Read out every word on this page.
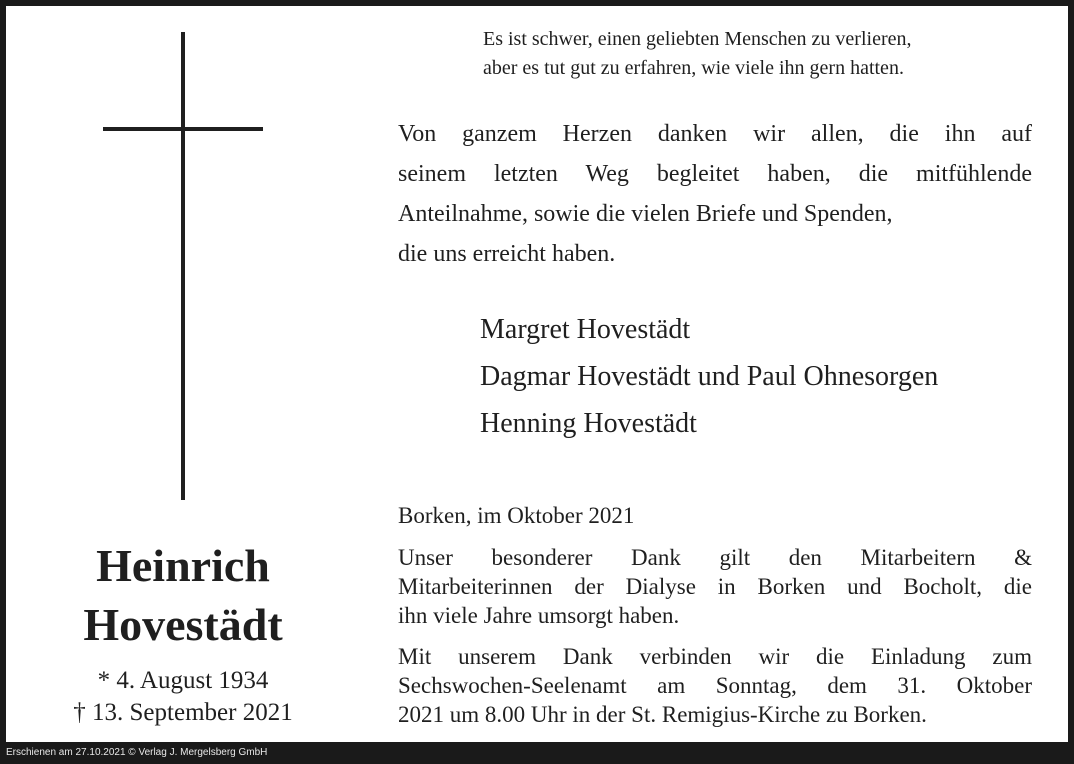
Heinrich
Hovestädt
* 4. August 1934
† 13. September 2021
Es ist schwer, einen geliebten Menschen zu verlieren,
aber es tut gut zu erfahren, wie viele ihn gern hatten.
Von ganzem Herzen danken wir allen, die ihn auf
seinem letzten Weg begleitet haben, die mitfühlende
Anteilnahme, sowie die vielen Briefe und Spenden,
die uns erreicht haben.
Margret Hovestädt
Dagmar Hovestädt und Paul Ohnesorgen
Henning Hovestädt
Borken, im Oktober 2021
Unser besonderer Dank gilt den Mitarbeitern &
Mitarbeiterinnen der Dialyse in Borken und Bocholt, die
ihn viele Jahre umsorgt haben.
Mit unserem Dank verbinden wir die Einladung zum
Sechswochen-Seelenamt am Sonntag, dem 31. Oktober
2021 um 8.00 Uhr in der St. Remigius-Kirche zu Borken.
Erschienen am 27.10.2021 © Verlag J. Mergelsberg GmbH
